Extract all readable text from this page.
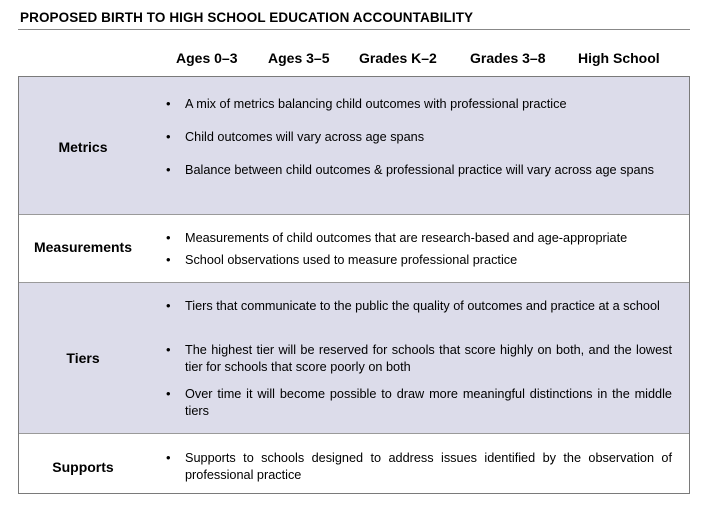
PROPOSED BIRTH TO HIGH SCHOOL EDUCATION ACCOUNTABILITY
Ages 0–3 Ages 3–5 Grades K–2 Grades 3–8 High School
Metrics
• A mix of metrics balancing child outcomes with professional practice
• Child outcomes will vary across age spans
• Balance between child outcomes & professional practice will vary across age spans
Measurements
• Measurements of child outcomes that are research-based and age-appropriate
• School observations used to measure professional practice
Tiers
• Tiers that communicate to the public the quality of outcomes and practice at a school
• The highest tier will be reserved for schools that score highly on both, and the lowest tier for schools that score poorly on both
• Over time it will become possible to draw more meaningful distinctions in the middle tiers
Supports
• Supports to schools designed to address issues identified by the observation of professional practice
